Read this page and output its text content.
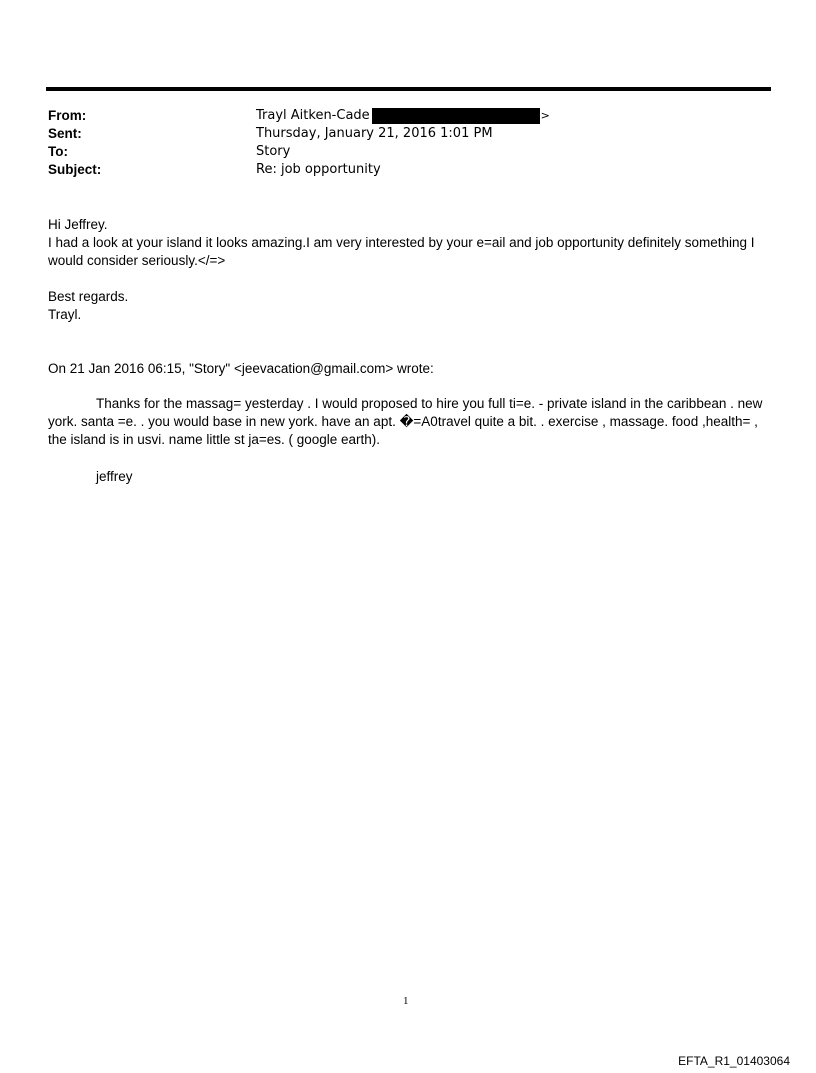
From:	Trayl Aitken-Cade	>
Sent:	Thursday, January 21, 2016 1:01 PM
To:	Story
Subject:	Re: job opportunity
Hi Jeffrey.
I had a look at your island it looks amazing.I am very interested by your e=ail and job opportunity definitely something I would consider seriously.</=>
Best regards.
Trayl.
On 21 Jan 2016 06:15, "Story" <jeevacation@gmail.com> wrote:
Thanks for the massag= yesterday . I would proposed to hire you full ti=e. - private island in the caribbean . new york. santa =e. . you would base in new york. have an apt. �=A0travel quite a bit. . exercise , massage. food ,health= , the island is in usvi. name little st ja=es. ( google earth).
jeffrey
1
EFTA_R1_01403064
